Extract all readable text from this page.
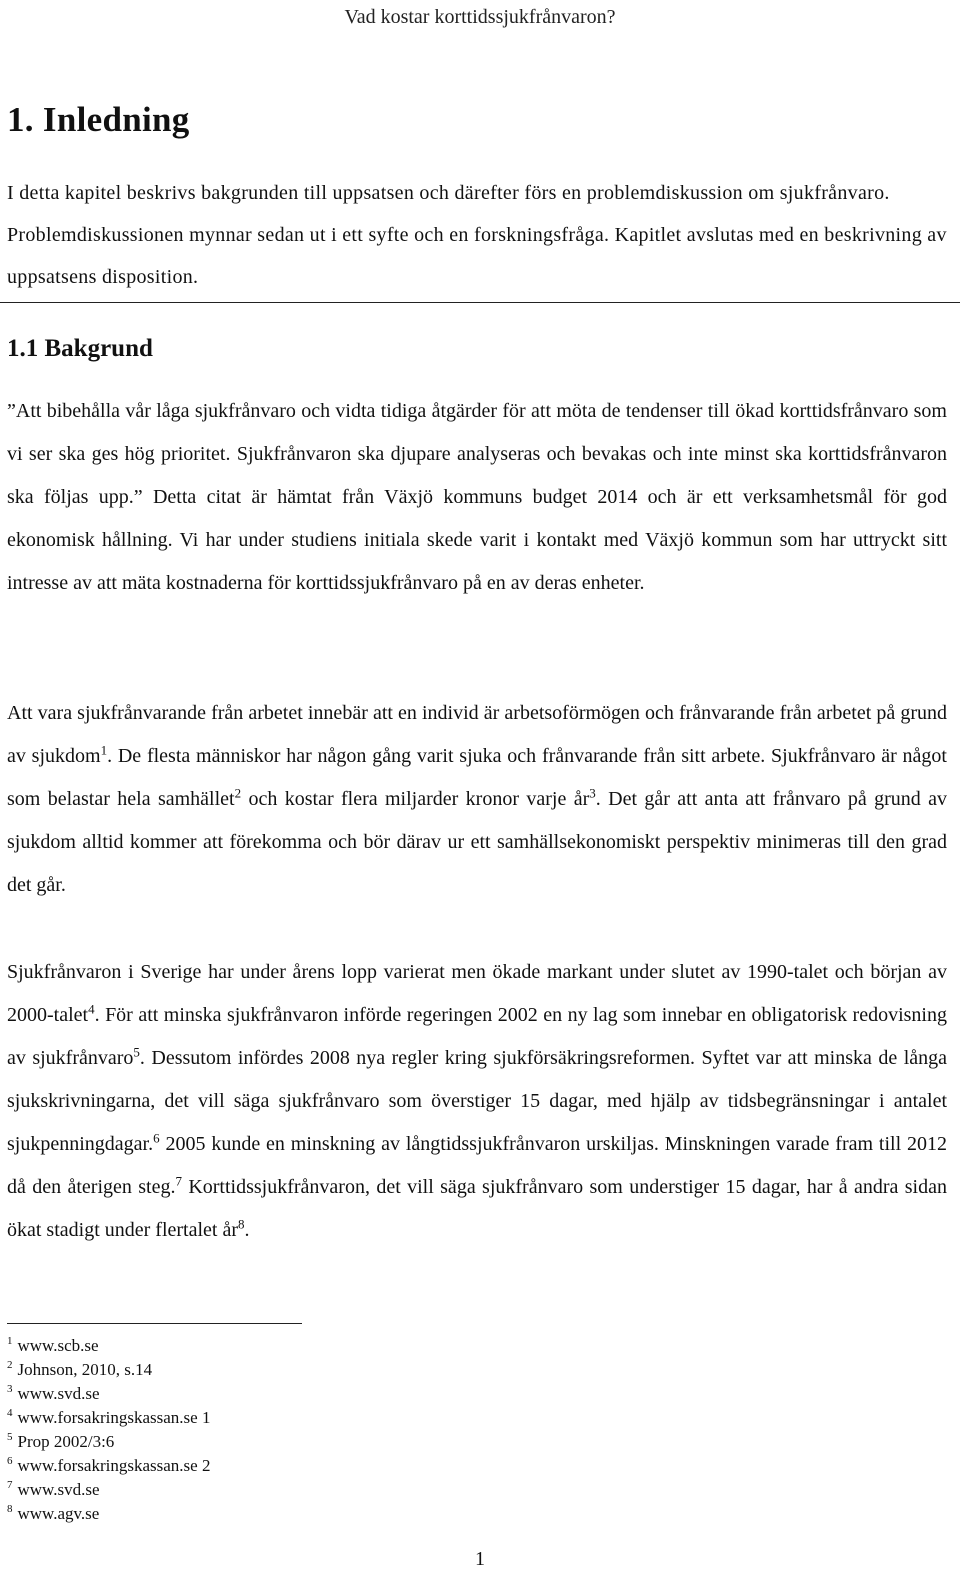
Vad kostar korttidssjukfrånvaron?
1. Inledning

I detta kapitel beskrivs bakgrunden till uppsatsen och därefter förs en problemdiskussion om sjukfrånvaro. Problemdiskussionen mynnar sedan ut i ett syfte och en forskningsfråga. Kapitlet avslutas med en beskrivning av uppsatsens disposition.

1.1 Bakgrund

”Att bibehålla vår låga sjukfrånvaro och vidta tidiga åtgärder för att möta de tendenser till ökad korttidsfrånvaro som vi ser ska ges hög prioritet. Sjukfrånvaron ska djupare analyseras och bevakas och inte minst ska korttidsfrånvaron ska följas upp.” Detta citat är hämtat från Växjö kommuns budget 2014 och är ett verksamhetsmål för god ekonomisk hållning. Vi har under studiens initiala skede varit i kontakt med Växjö kommun som har uttryckt sitt intresse av att mäta kostnaderna för korttidssjukfrånvaro på en av deras enheter.

Att vara sjukfrånvarande från arbetet innebär att en individ är arbetsoförmögen och frånvarande från arbetet på grund av sjukdom$^1$. De flesta människor har någon gång varit sjuka och frånvarande från sitt arbete. Sjukfrånvaro är något som belastar hela samhället$^2$ och kostar flera miljarder kronor varje år$^3$. Det går att anta att frånvaro på grund av sjukdom alltid kommer att förekomma och bör därav ur ett samhällsekonomiskt perspektiv minimeras till den grad det går.

Sjukfrånvaron i Sverige har under årens lopp varierat men ökade markant under slutet av 1990-talet och början av 2000-talet$^4$. För att minska sjukfrånvaron införde regeringen 2002 en ny lag som innebar en obligatorisk redovisning av sjukfrånvaro$^5$. Dessutom infördes 2008 nya regler kring sjukförsäkringsreformen. Syftet var att minska de långa sjukskrivningarna, det vill säga sjukfrånvaro som överstiger 15 dagar, med hjälp av tidsbegränsningar i antalet sjukpenningdagar.$^6$ 2005 kunde en minskning av långtidssjukfrånvaron urskiljas. Minskningen varade fram till 2012 då den återigen steg.$^7$ Korttidssjukfrånvaron, det vill säga sjukfrånvaro som understiger 15 dagar, har å andra sidan ökat stadigt under flertalet år$^8$.

$^1$ www.scb.se
$^2$ Johnson, 2010, s.14
$^3$ www.svd.se
$^4$ www.forsakringskassan.se 1
$^5$ Prop 2002/3:6
$^6$ www.forsakringskassan.se 2
$^7$ www.svd.se
$^8$ www.agv.se
1
